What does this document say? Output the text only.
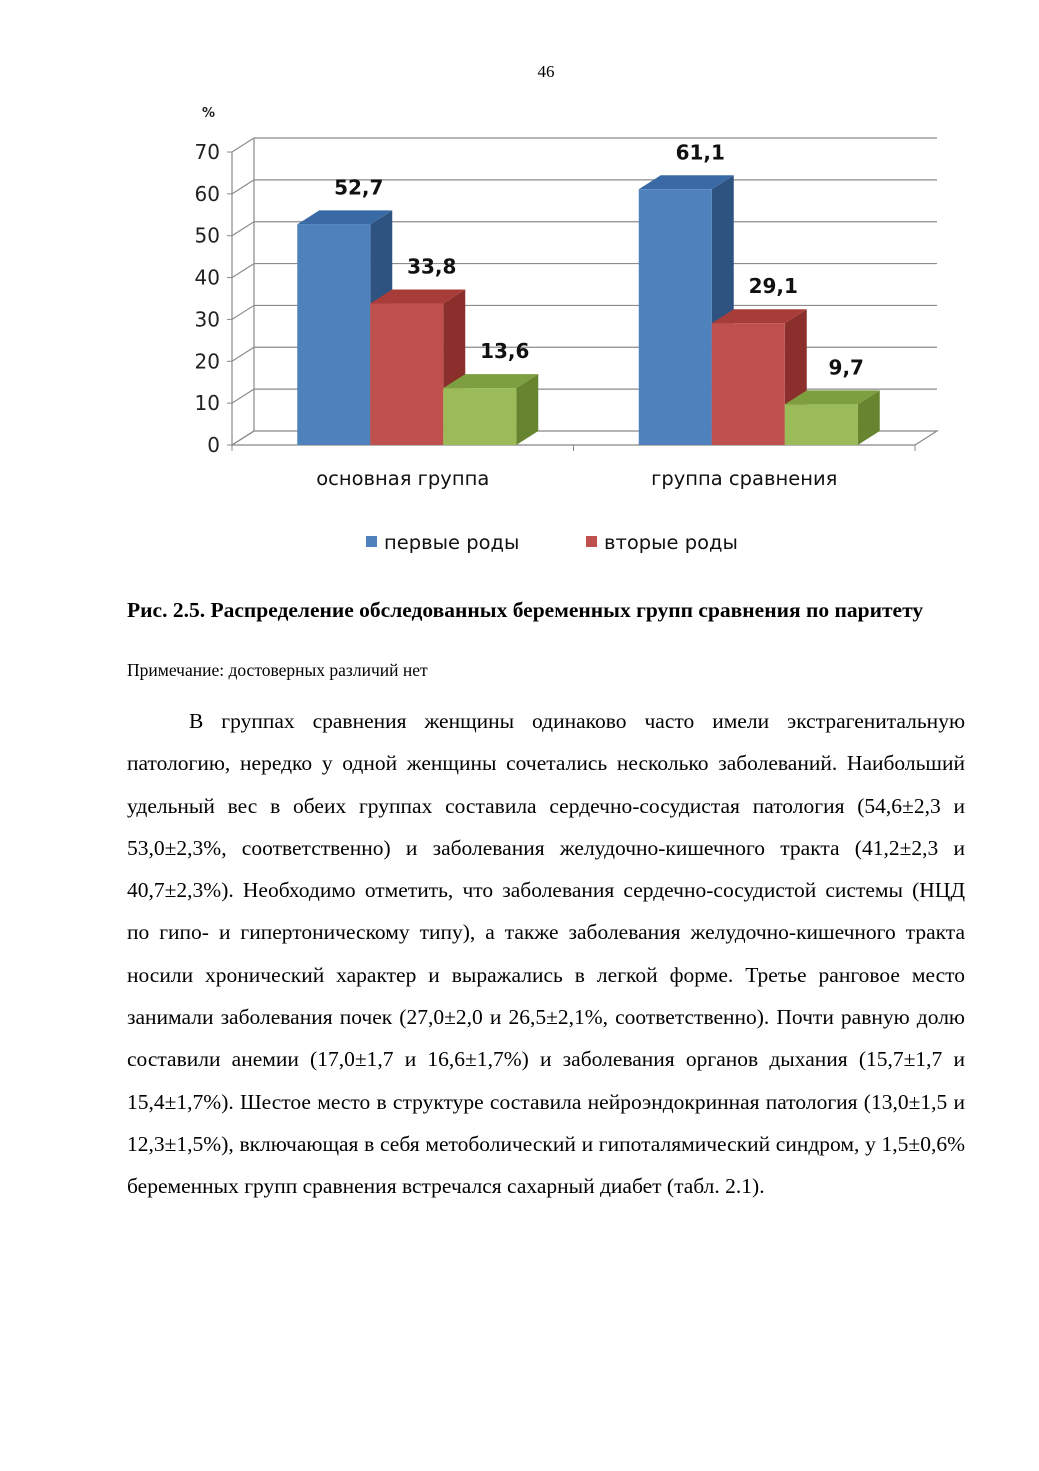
46
0
10
20
30
40
50
60
70
%
52,7
33,8
13,6
61,1
29,1
9,7
основная группа	группа сравнения
первые роды	вторые роды
Рис. 2.5. Распределение обследованных беременных групп сравнения по паритету
Примечание: достоверных различий нет

В группах сравнения женщины одинаково часто имели экстрагенитальную патологию, нередко у одной женщины сочетались несколько заболеваний. Наибольший удельный вес в обеих группах составила сердечно-сосудистая патология (54,6±2,3 и 53,0±2,3%, соответственно) и заболевания желудочно-кишечного тракта (41,2±2,3 и 40,7±2,3%). Необходимо отметить, что заболевания сердечно-сосудистой системы (НЦД по гипо- и гипертоническому типу), а также заболевания желудочно-кишечного тракта носили хронический характер и выражались в легкой форме. Третье ранговое место занимали заболевания почек (27,0±2,0 и 26,5±2,1%, соответственно). Почти равную долю составили анемии (17,0±1,7 и 16,6±1,7%) и заболевания органов дыхания (15,7±1,7 и 15,4±1,7%). Шестое место в структуре составила нейроэндокринная патология (13,0±1,5 и 12,3±1,5%), включающая в себя метоболический и гипоталямический синдром, у 1,5±0,6% беременных групп сравнения встречался сахарный диабет (табл. 2.1).
